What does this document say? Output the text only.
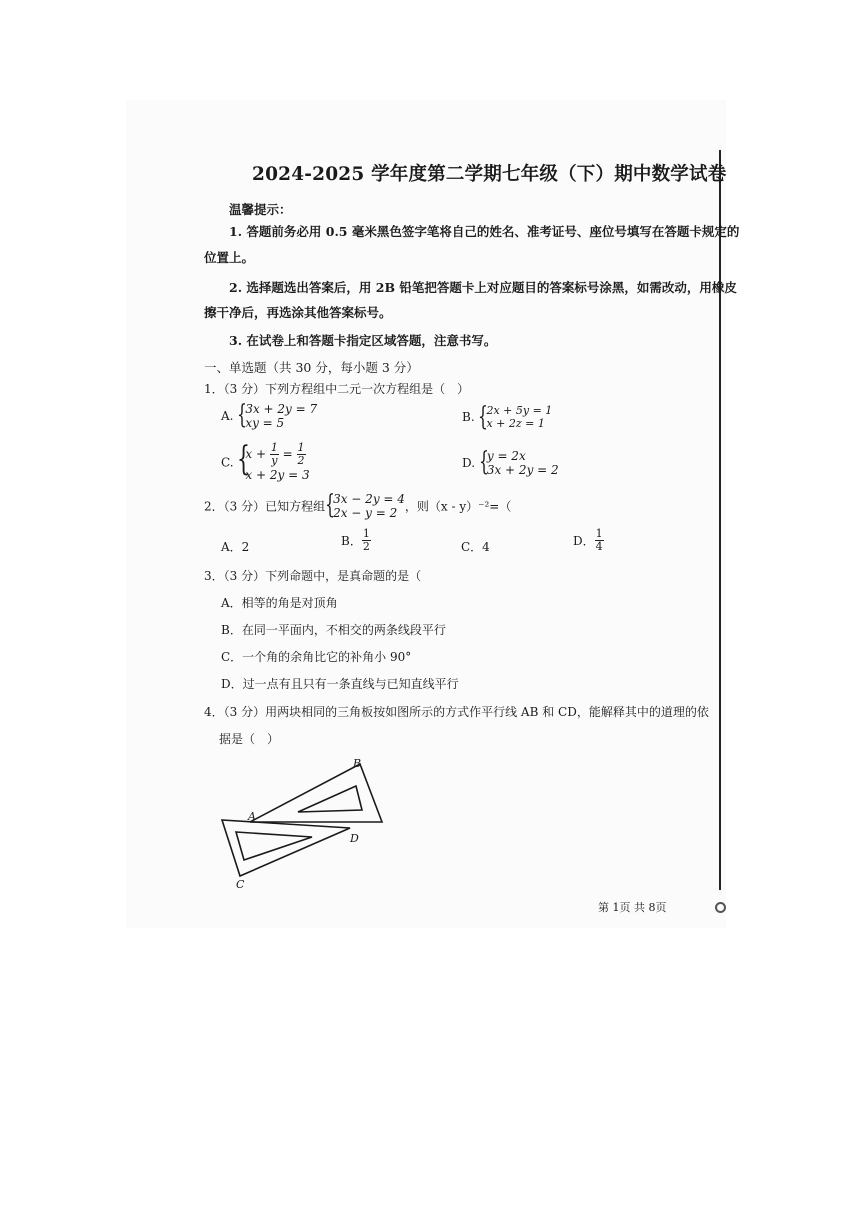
2024-2025 学年度第二学期七年级（下）期中数学试卷
温馨提示：
1. 答题前务必用 0.5 毫米黑色签字笔将自己的姓名、准考证号、座位号填写在答题卡规定的
位置上。
2. 选择题选出答案后，用 2B 铅笔把答题卡上对应题目的答案标号涂黑，如需改动，用橡皮
擦干净后，再选涂其他答案标号。
3. 在试卷上和答题卡指定区域答题，注意书写。
一、单选题（共 30 分，每小题 3 分）
1．（3 分）下列方程组中二元一次方程组是（　）
A. {
3x + 2y = 7
xy = 5	B. {
2x + 5y = 1
x + 2z = 1
C. {
$x + \frac{1}{y} = \frac{1}{2}$
x + 2y = 3
D. {
y = 2x
3x + 2y = 2
2．（3 分）已知方程组 {
3x − 2y = 4
2x − y = 2 ，则（x - y）⁻²=（
A．2	B． $\frac{1}{2}$	C．4	D． $\frac{1}{4}$
3．（3 分）下列命题中，是真命题的是（
A．相等的角是对顶角
B．在同一平面内，不相交的两条线段平行
C．一个角的余角比它的补角小 90°
D．过一点有且只有一条直线与已知直线平行
4．（3 分）用两块相同的三角板按如图所示的方式作平行线 AB 和 CD，能解释其中的道理的依
据是（　）
A
B
C
D
第 1页 共 8页
